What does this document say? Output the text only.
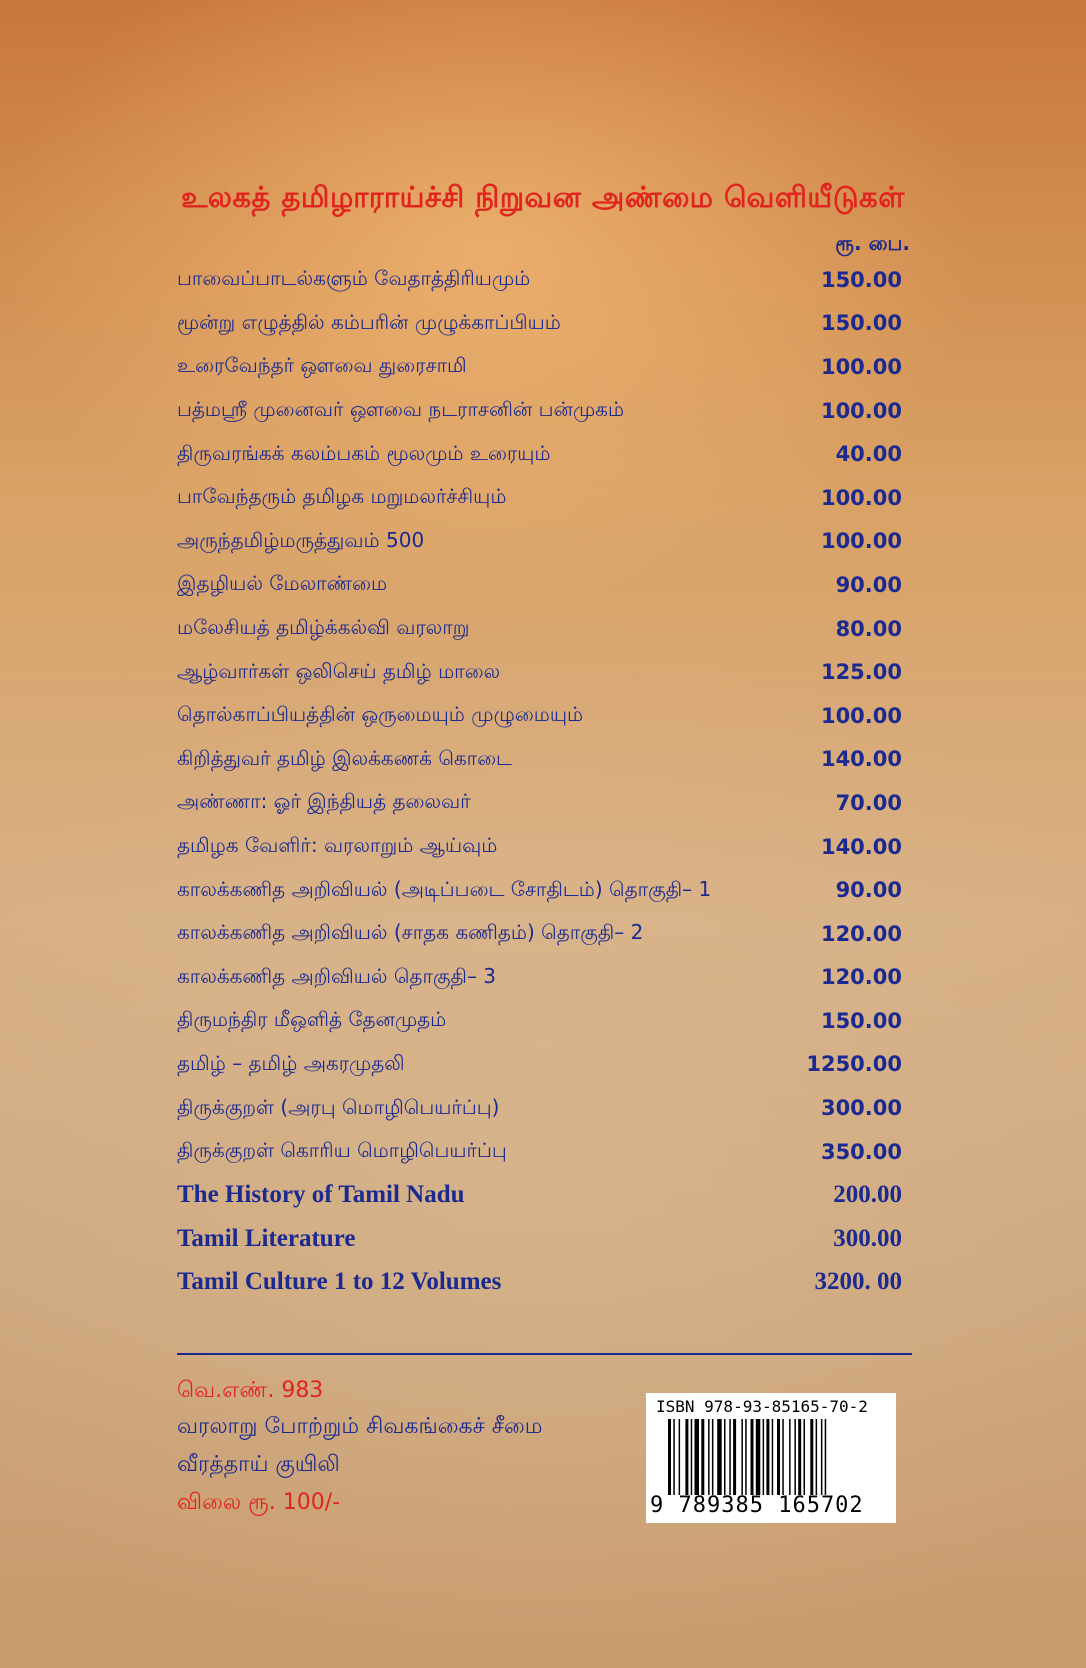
உலகத் தமிழாராய்ச்சி நிறுவன அண்மை வெளியீடுகள்
ரூ. பை.
பாவைப்பாடல்களும் வேதாத்திரியமும்	150.00
மூன்று எழுத்தில் கம்பரின் முழுக்காப்பியம்	150.00
உரைவேந்தர் ஔவை துரைசாமி	100.00
பத்மஸ்ரீ முனைவர் ஔவை நடராசனின் பன்முகம்	100.00
திருவரங்கக் கலம்பகம் மூலமும் உரையும்	40.00
பாவேந்தரும் தமிழக மறுமலர்ச்சியும்	100.00
அருந்தமிழ்மருத்துவம் 500	100.00
இதழியல் மேலாண்மை	90.00
மலேசியத் தமிழ்க்கல்வி வரலாறு	80.00
ஆழ்வார்கள் ஒலிசெய் தமிழ் மாலை	125.00
தொல்காப்பியத்தின் ஒருமையும் முழுமையும்	100.00
கிறித்துவர் தமிழ் இலக்கணக் கொடை	140.00
அண்ணா: ஓர் இந்தியத் தலைவர்	70.00
தமிழக வேளிர்: வரலாறும் ஆய்வும்	140.00
காலக்கணித அறிவியல் (அடிப்படை சோதிடம்) தொகுதி– 1	90.00
காலக்கணித அறிவியல் (சாதக கணிதம்) தொகுதி– 2	120.00
காலக்கணித அறிவியல் தொகுதி– 3	120.00
திருமந்திர மீஒளித் தேனமுதம்	150.00
தமிழ் – தமிழ் அகரமுதலி	1250.00
திருக்குறள் (அரபு மொழிபெயர்ப்பு)	300.00
திருக்குறள் கொரிய மொழிபெயர்ப்பு	350.00
The History of Tamil Nadu	200.00
Tamil Literature	300.00
Tamil Culture 1 to 12 Volumes	3200. 00
வெ.எண். 983
வரலாறு போற்றும் சிவகங்கைச் சீமை
வீரத்தாய் குயிலி
விலை ரூ. 100/-
ISBN 978-93-85165-70-2
9 789385 165702
